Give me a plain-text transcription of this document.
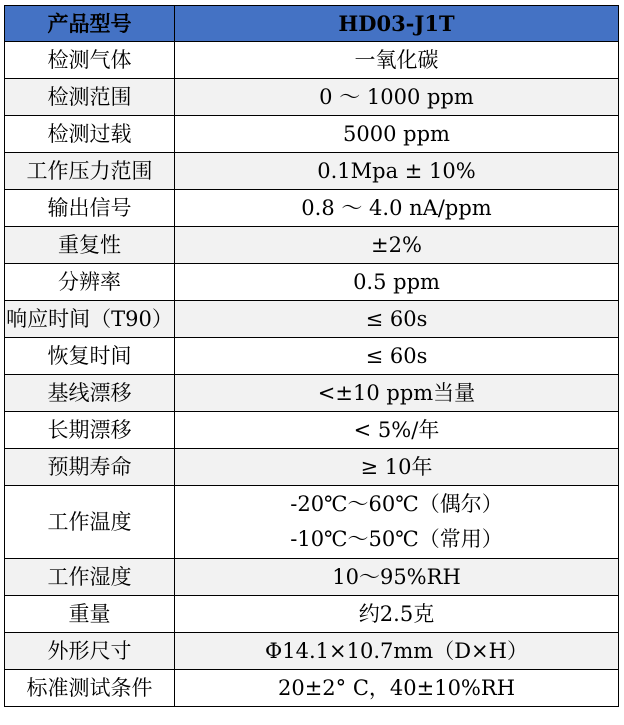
产品型号	HD03-J1T
检测气体	一氧化碳
检测范围	0 ～ 1000 ppm
检测过载	5000 ppm
工作压力范围	0.1Mpa ± 10%
输出信号	0.8 ～ 4.0 nA/ppm
重复性	±2%
分辨率	0.5 ppm
响应时间（T90）	≤ 60s
恢复时间	≤ 60s
基线漂移	<±10 ppm当量
长期漂移	< 5%/年
预期寿命	≥ 10年
工作温度	-20℃～60℃（偶尔）
-10℃～50℃（常用）

工作湿度	10～95%RH
重量	约2.5克
外形尺寸	Φ14.1×10.7mm（D×H）
标准测试条件	20±2° C，40±10%RH
